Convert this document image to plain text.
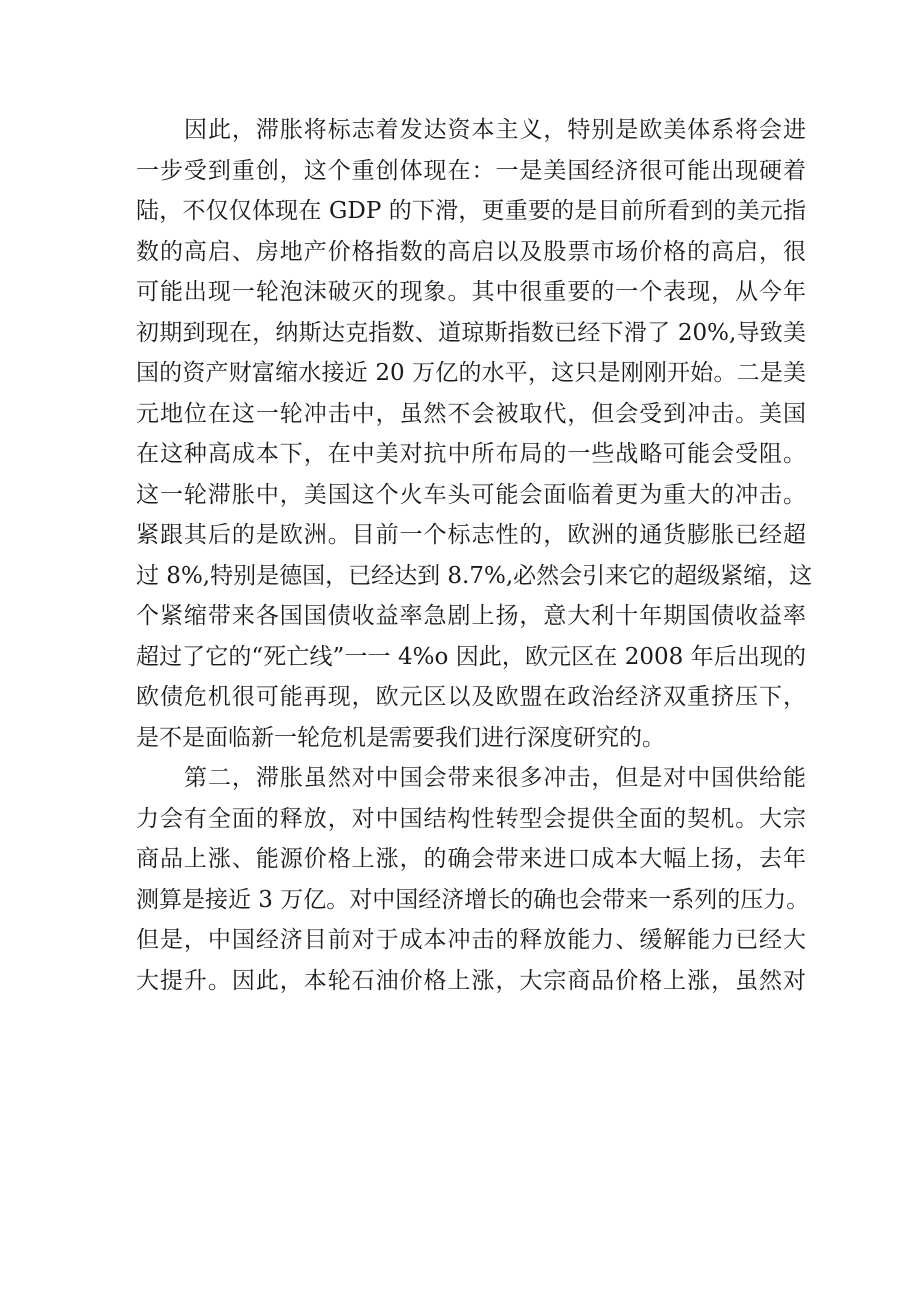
因此，滞胀将标志着发达资本主义，特别是欧美体系将会进
一步受到重创，这个重创体现在：一是美国经济很可能出现硬着
陆，不仅仅体现在 GDP 的下滑，更重要的是目前所看到的美元指
数的高启、房地产价格指数的高启以及股票市场价格的高启，很
可能出现一轮泡沫破灭的现象。其中很重要的一个表现，从今年
初期到现在，纳斯达克指数、道琼斯指数已经下滑了 20%,导致美
国的资产财富缩水接近 20 万亿的水平，这只是刚刚开始。二是美
元地位在这一轮冲击中，虽然不会被取代，但会受到冲击。美国
在这种高成本下，在中美对抗中所布局的一些战略可能会受阻。
这一轮滞胀中，美国这个火车头可能会面临着更为重大的冲击。
紧跟其后的是欧洲。目前一个标志性的，欧洲的通货膨胀已经超
过 8%,特别是德国，已经达到 8.7%,必然会引来它的超级紧缩，这
个紧缩带来各国国债收益率急剧上扬，意大利十年期国债收益率
超过了它的“死亡线”一一 4%o 因此，欧元区在 2008 年后出现的
欧债危机很可能再现，欧元区以及欧盟在政治经济双重挤压下，
是不是面临新一轮危机是需要我们进行深度研究的。
第二，滞胀虽然对中国会带来很多冲击，但是对中国供给能
力会有全面的释放，对中国结构性转型会提供全面的契机。大宗
商品上涨、能源价格上涨，的确会带来进口成本大幅上扬，去年
测算是接近 3 万亿。对中国经济增长的确也会带来一系列的压力。
但是，中国经济目前对于成本冲击的释放能力、缓解能力已经大
大提升。因此，本轮石油价格上涨，大宗商品价格上涨，虽然对
